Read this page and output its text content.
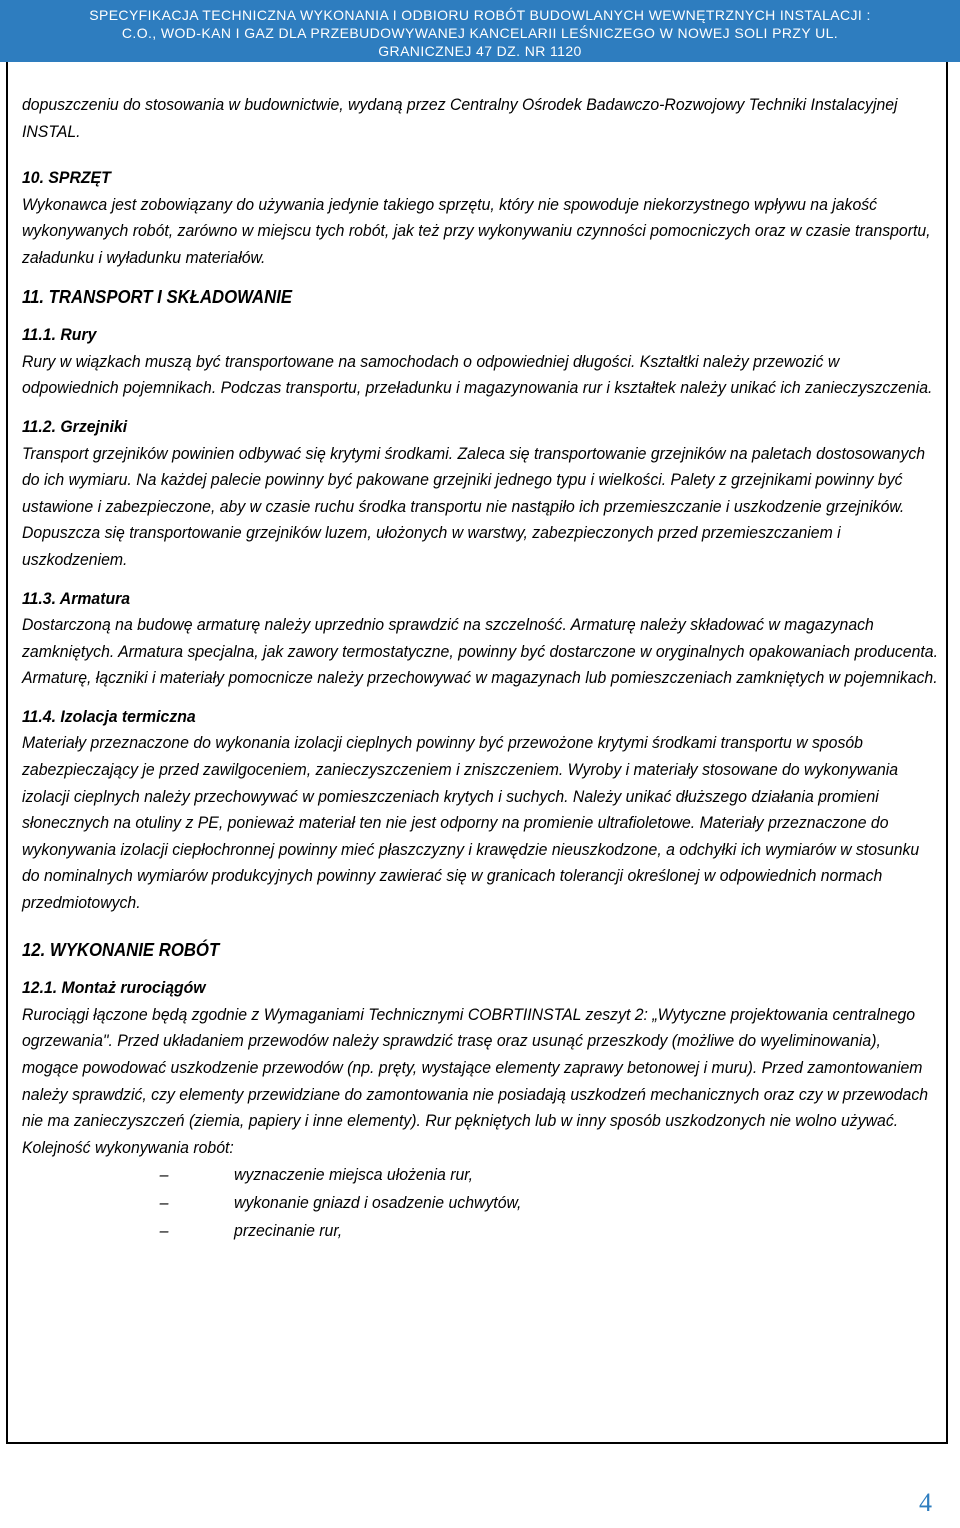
SPECYFIKACJA TECHNICZNA WYKONANIA I ODBIORU ROBÓT BUDOWLANYCH WEWNĘTRZNYCH INSTALACJI :
C.O., WOD-KAN I GAZ DLA PRZEBUDOWYWANEJ KANCELARII LEŚNICZEGO W NOWEJ SOLI PRZY UL.
GRANICZNEJ 47 DZ. NR 1120

dopuszczeniu do stosowania w budownictwie, wydaną przez Centralny Ośrodek Badawczo-Rozwojowy Techniki Instalacyjnej INSTAL.

10. SPRZĘT

Wykonawca jest zobowiązany do używania jedynie takiego sprzętu, który nie spowoduje niekorzystnego wpływu na jakość wykonywanych robót, zarówno w miejscu tych robót, jak też przy wykonywaniu czynności pomocniczych oraz w czasie transportu, załadunku i wyładunku materiałów.

11. TRANSPORT I SKŁADOWANIE

11.1. Rury

Rury w wiązkach muszą być transportowane na samochodach o odpowiedniej długości. Kształtki należy przewozić w odpowiednich pojemnikach. Podczas transportu, przeładunku i magazynowania rur i kształtek należy unikać ich zanieczyszczenia.

11.2. Grzejniki

Transport grzejników powinien odbywać się krytymi środkami. Zaleca się transportowanie grzejników na paletach dostosowanych do ich wymiaru. Na każdej palecie powinny być pakowane grzejniki jednego typu i wielkości. Palety z grzejnikami powinny być ustawione i zabezpieczone, aby w czasie ruchu środka transportu nie nastąpiło ich przemieszczanie i uszkodzenie grzejników. Dopuszcza się transportowanie grzejników luzem, ułożonych w warstwy, zabezpieczonych przed przemieszczaniem i uszkodzeniem.

11.3. Armatura

Dostarczoną na budowę armaturę należy uprzednio sprawdzić na szczelność. Armaturę należy składować w magazynach zamkniętych. Armatura specjalna, jak zawory termostatyczne, powinny być dostarczone w oryginalnych opakowaniach producenta. Armaturę, łączniki i materiały pomocnicze należy przechowywać w magazynach lub pomieszczeniach zamkniętych w pojemnikach.

11.4. Izolacja termiczna

Materiały przeznaczone do wykonania izolacji cieplnych powinny być przewożone krytymi środkami transportu w sposób zabezpieczający je przed zawilgoceniem, zanieczyszczeniem i zniszczeniem. Wyroby i materiały stosowane do wykonywania izolacji cieplnych należy przechowywać w pomieszczeniach krytych i suchych. Należy unikać dłuższego działania promieni słonecznych na otuliny z PE, ponieważ materiał ten nie jest odporny na promienie ultrafioletowe. Materiały przeznaczone do wykonywania izolacji ciepłochronnej powinny mieć płaszczyzny i krawędzie nieuszkodzone, a odchyłki ich wymiarów w stosunku do nominalnych wymiarów produkcyjnych powinny zawierać się w granicach tolerancji określonej w odpowiednich normach przedmiotowych.

12. WYKONANIE ROBÓT

12.1. Montaż rurociągów

Rurociągi łączone będą zgodnie z Wymaganiami Technicznymi COBRTIINSTAL zeszyt 2: „Wytyczne projektowania centralnego ogrzewania". Przed układaniem przewodów należy sprawdzić trasę oraz usunąć przeszkody (możliwe do wyeliminowania), mogące powodować uszkodzenie przewodów (np. pręty, wystające elementy zaprawy betonowej i muru). Przed zamontowaniem należy sprawdzić, czy elementy przewidziane do zamontowania nie posiadają uszkodzeń mechanicznych oraz czy w przewodach nie ma zanieczyszczeń (ziemia, papiery i inne elementy). Rur pękniętych lub w inny sposób uszkodzonych nie wolno używać. Kolejność wykonywania robót:

–	wyznaczenie miejsca ułożenia rur,
–	wykonanie gniazd i osadzenie uchwytów,
–	przecinanie rur,
4
